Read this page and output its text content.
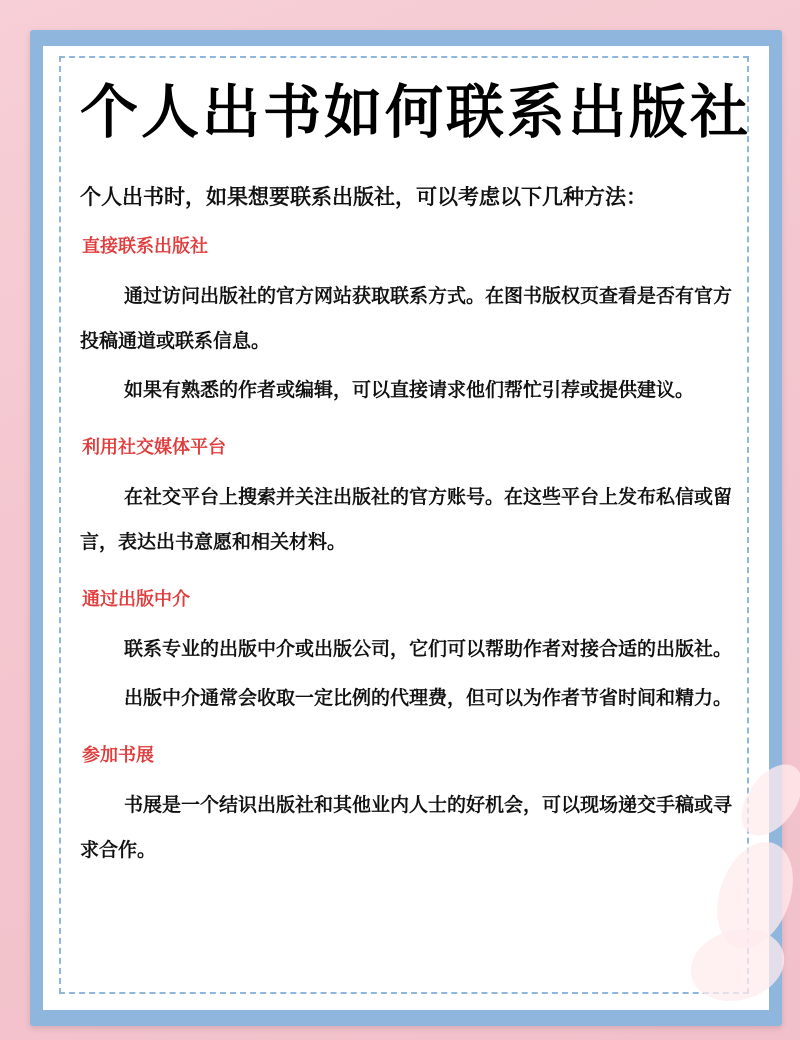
个人出书如何联系出版社

个人出书时，如果想要联系出版社，可以考虑以下几种方法：

直接联系出版社

通过访问出版社的官方网站获取联系方式。在图书版权页查看是否有官方投稿通道或联系信息。

如果有熟悉的作者或编辑，可以直接请求他们帮忙引荐或提供建议。

利用社交媒体平台

在社交平台上搜索并关注出版社的官方账号。在这些平台上发布私信或留言，表达出书意愿和相关材料。

通过出版中介

联系专业的出版中介或出版公司，它们可以帮助作者对接合适的出版社。

出版中介通常会收取一定比例的代理费，但可以为作者节省时间和精力。

参加书展

书展是一个结识出版社和其他业内人士的好机会，可以现场递交手稿或寻求合作。
